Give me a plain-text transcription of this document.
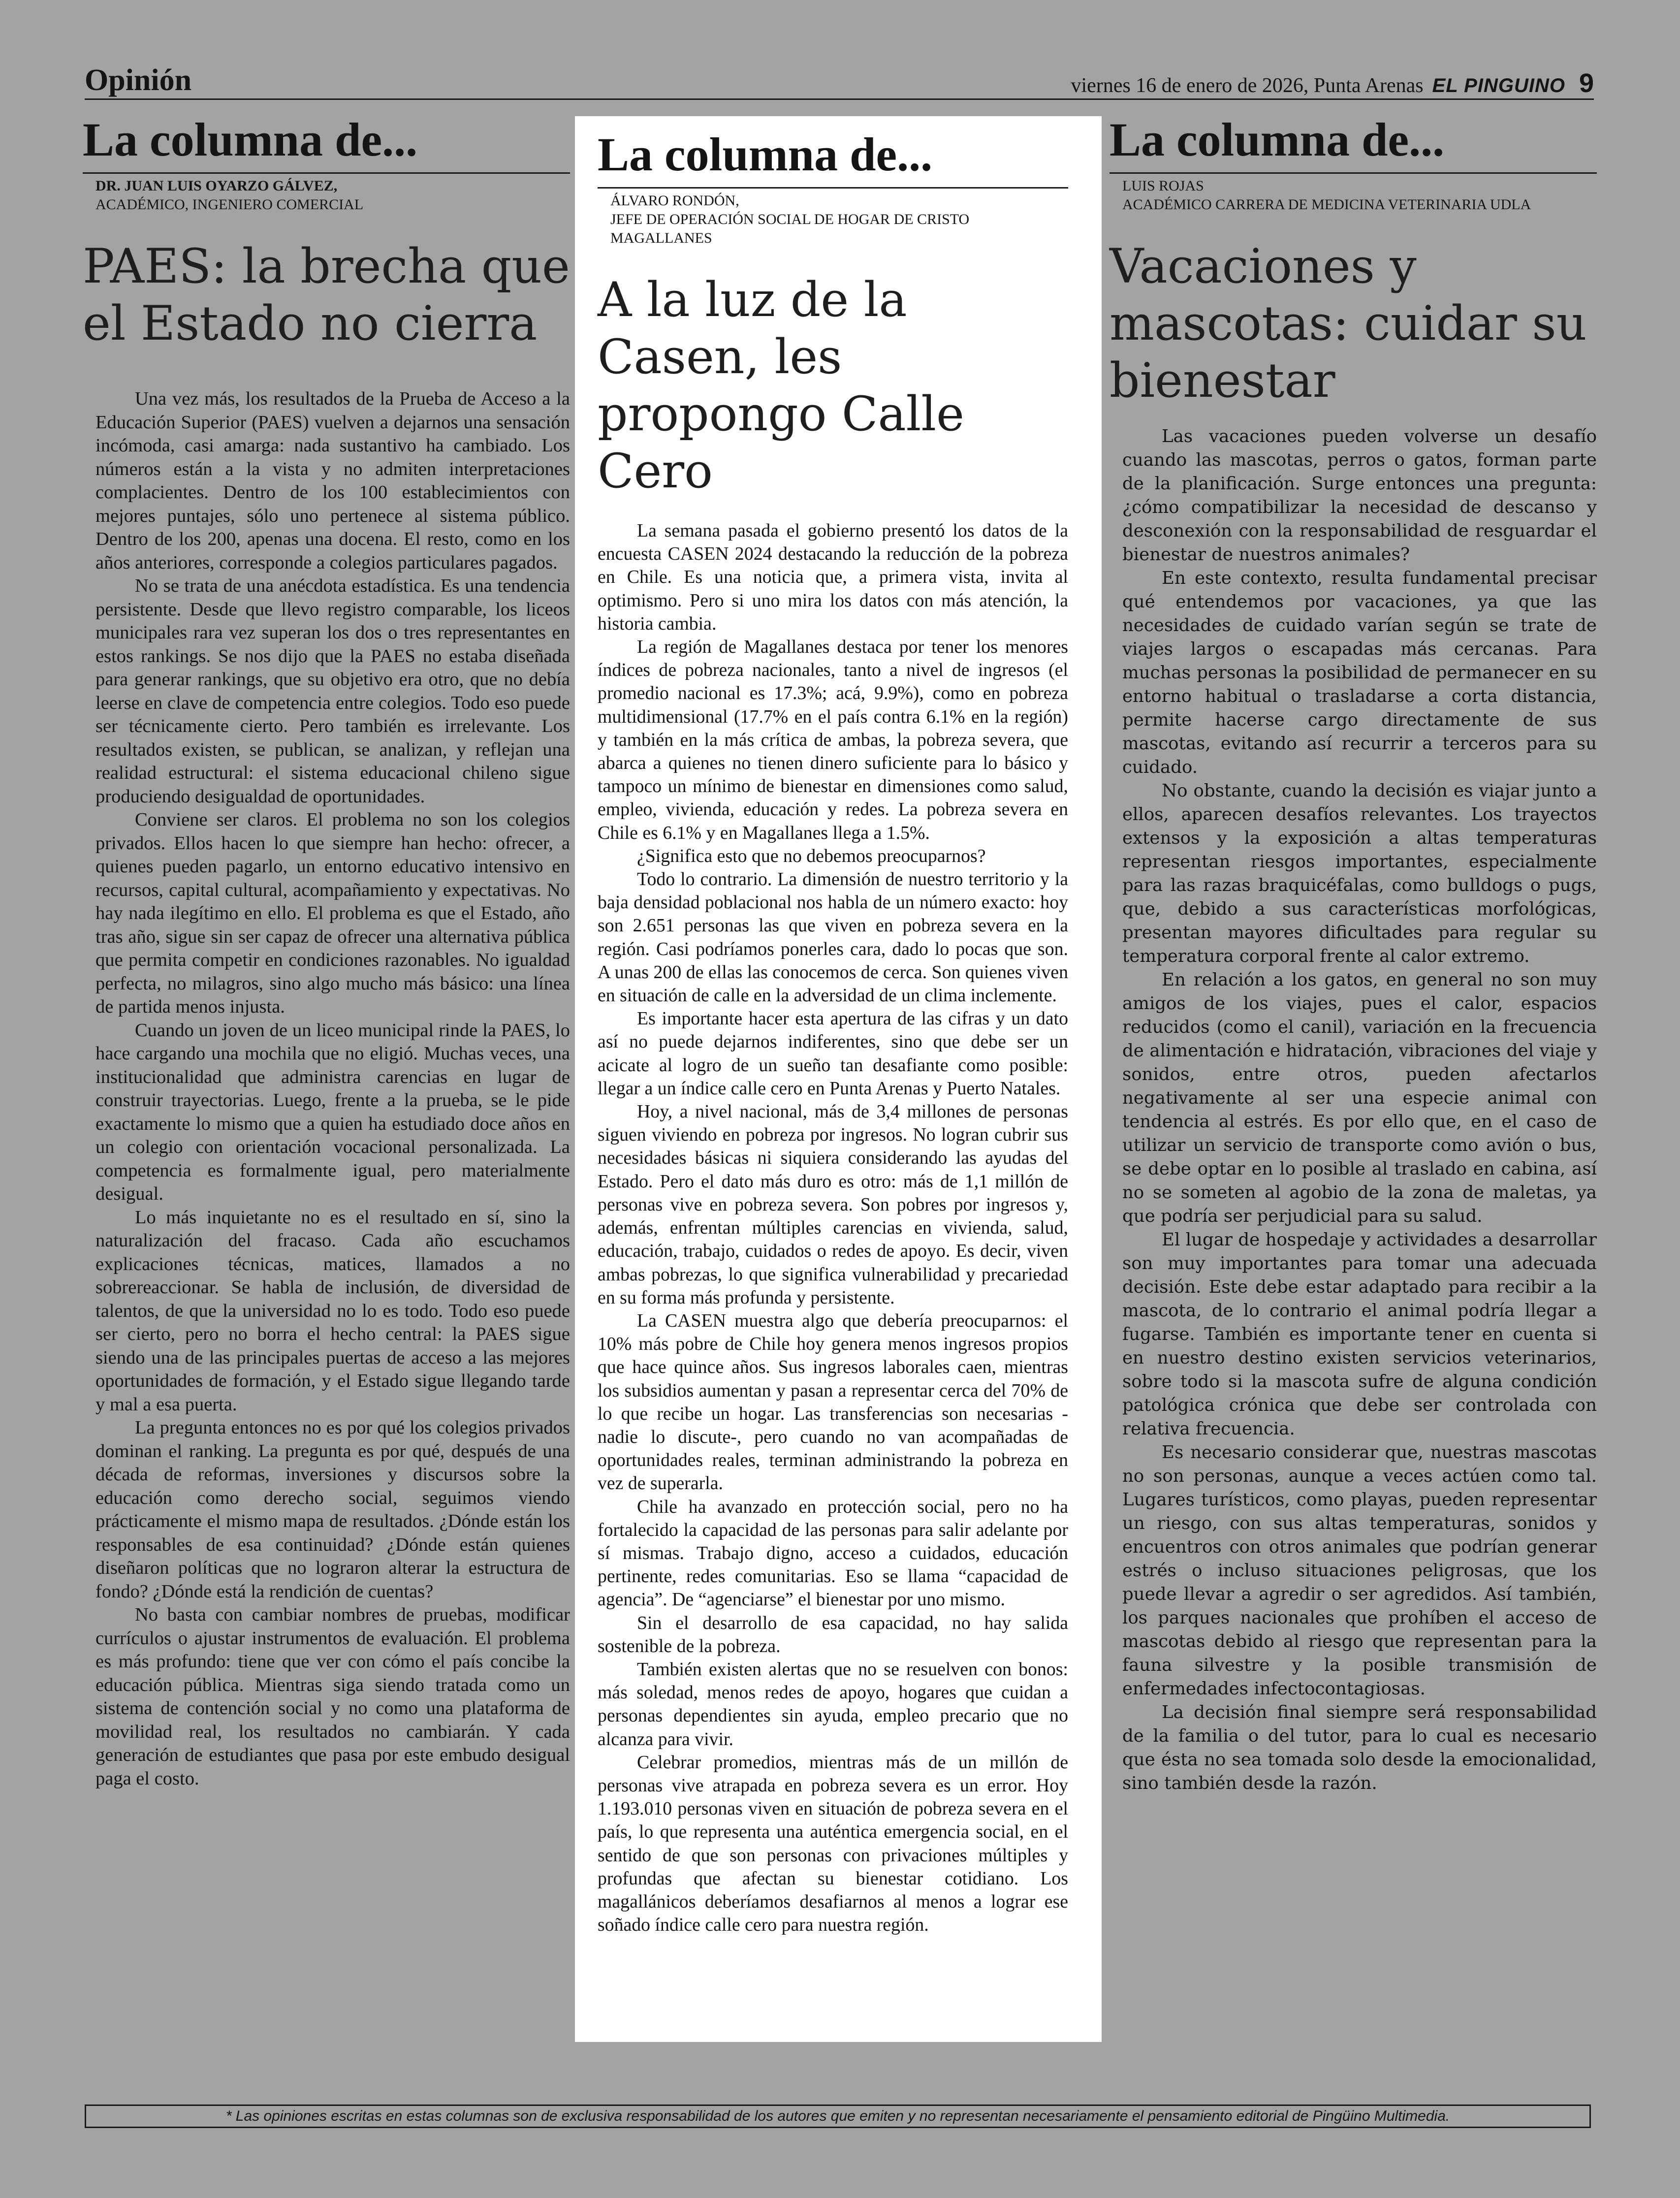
Opinión	viernes 16 de enero de 2026, Punta Arenas EL PINGUINO 9
La columna de...
DR. JUAN LUIS OYARZO GÁLVEZ,
ACADÉMICO, INGENIERO COMERCIAL
PAES: la brecha que el Estado no cierra

Una vez más, los resultados de la Prueba de Acceso a la Educación Superior (PAES) vuelven a dejarnos una sensación incómoda, casi amarga: nada sustantivo ha cambiado. Los números están a la vista y no admiten interpretaciones complacientes. Dentro de los 100 establecimientos con mejores puntajes, sólo uno pertenece al sistema público. Dentro de los 200, apenas una docena. El resto, como en los años anteriores, corresponde a colegios particulares pagados.

No se trata de una anécdota estadística. Es una tendencia persistente. Desde que llevo registro comparable, los liceos municipales rara vez superan los dos o tres representantes en estos rankings. Se nos dijo que la PAES no estaba diseñada para generar rankings, que su objetivo era otro, que no debía leerse en clave de competencia entre colegios. Todo eso puede ser técnicamente cierto. Pero también es irrelevante. Los resultados existen, se publican, se analizan, y reflejan una realidad estructural: el sistema educacional chileno sigue produciendo desigualdad de oportunidades.

Conviene ser claros. El problema no son los colegios privados. Ellos hacen lo que siempre han hecho: ofrecer, a quienes pueden pagarlo, un entorno educativo intensivo en recursos, capital cultural, acompañamiento y expectativas. No hay nada ilegítimo en ello. El problema es que el Estado, año tras año, sigue sin ser capaz de ofrecer una alternativa pública que permita competir en condiciones razonables. No igualdad perfecta, no milagros, sino algo mucho más básico: una línea de partida menos injusta.

Cuando un joven de un liceo municipal rinde la PAES, lo hace cargando una mochila que no eligió. Muchas veces, una institucionalidad que administra carencias en lugar de construir trayectorias. Luego, frente a la prueba, se le pide exactamente lo mismo que a quien ha estudiado doce años en un colegio con orientación vocacional personalizada. La competencia es formalmente igual, pero materialmente desigual.

Lo más inquietante no es el resultado en sí, sino la naturalización del fracaso. Cada año escuchamos explicaciones técnicas, matices, llamados a no sobrereaccionar. Se habla de inclusión, de diversidad de talentos, de que la universidad no lo es todo. Todo eso puede ser cierto, pero no borra el hecho central: la PAES sigue siendo una de las principales puertas de acceso a las mejores oportunidades de formación, y el Estado sigue llegando tarde y mal a esa puerta.

La pregunta entonces no es por qué los colegios privados dominan el ranking. La pregunta es por qué, después de una década de reformas, inversiones y discursos sobre la educación como derecho social, seguimos viendo prácticamente el mismo mapa de resultados. ¿Dónde están los responsables de esa continuidad? ¿Dónde están quienes diseñaron políticas que no lograron alterar la estructura de fondo? ¿Dónde está la rendición de cuentas?

No basta con cambiar nombres de pruebas, modificar currículos o ajustar instrumentos de evaluación. El problema es más profundo: tiene que ver con cómo el país concibe la educación pública. Mientras siga siendo tratada como un sistema de contención social y no como una plataforma de movilidad real, los resultados no cambiarán. Y cada generación de estudiantes que pasa por este embudo desigual paga el costo.

La columna de...
ÁLVARO RONDÓN,
JEFE DE OPERACIÓN SOCIAL DE HOGAR DE CRISTO MAGALLANES
A la luz de la Casen, les propongo Calle Cero

La semana pasada el gobierno presentó los datos de la encuesta CASEN 2024 destacando la reducción de la pobreza en Chile. Es una noticia que, a primera vista, invita al optimismo. Pero si uno mira los datos con más atención, la historia cambia.

La región de Magallanes destaca por tener los menores índices de pobreza nacionales, tanto a nivel de ingresos (el promedio nacional es 17.3%; acá, 9.9%), como en pobreza multidimensional (17.7% en el país contra 6.1% en la región) y también en la más crítica de ambas, la pobreza severa, que abarca a quienes no tienen dinero suficiente para lo básico y tampoco un mínimo de bienestar en dimensiones como salud, empleo, vivienda, educación y redes. La pobreza severa en Chile es 6.1% y en Magallanes llega a 1.5%.

¿Significa esto que no debemos preocuparnos?

Todo lo contrario. La dimensión de nuestro territorio y la baja densidad poblacional nos habla de un número exacto: hoy son 2.651 personas las que viven en pobreza severa en la región. Casi podríamos ponerles cara, dado lo pocas que son. A unas 200 de ellas las conocemos de cerca. Son quienes viven en situación de calle en la adversidad de un clima inclemente.

Es importante hacer esta apertura de las cifras y un dato así no puede dejarnos indiferentes, sino que debe ser un acicate al logro de un sueño tan desafiante como posible: llegar a un índice calle cero en Punta Arenas y Puerto Natales.

Hoy, a nivel nacional, más de 3,4 millones de personas siguen viviendo en pobreza por ingresos. No logran cubrir sus necesidades básicas ni siquiera considerando las ayudas del Estado. Pero el dato más duro es otro: más de 1,1 millón de personas vive en pobreza severa. Son pobres por ingresos y, además, enfrentan múltiples carencias en vivienda, salud, educación, trabajo, cuidados o redes de apoyo. Es decir, viven ambas pobrezas, lo que significa vulnerabilidad y precariedad en su forma más profunda y persistente.

La CASEN muestra algo que debería preocuparnos: el 10% más pobre de Chile hoy genera menos ingresos propios que hace quince años. Sus ingresos laborales caen, mientras los subsidios aumentan y pasan a representar cerca del 70% de lo que recibe un hogar. Las transferencias son necesarias -nadie lo discute-, pero cuando no van acompañadas de oportunidades reales, terminan administrando la pobreza en vez de superarla.

Chile ha avanzado en protección social, pero no ha fortalecido la capacidad de las personas para salir adelante por sí mismas. Trabajo digno, acceso a cuidados, educación pertinente, redes comunitarias. Eso se llama “capacidad de agencia”. De “agenciarse” el bienestar por uno mismo.

Sin el desarrollo de esa capacidad, no hay salida sostenible de la pobreza.

También existen alertas que no se resuelven con bonos: más soledad, menos redes de apoyo, hogares que cuidan a personas dependientes sin ayuda, empleo precario que no alcanza para vivir.

Celebrar promedios, mientras más de un millón de personas vive atrapada en pobreza severa es un error. Hoy 1.193.010 personas viven en situación de pobreza severa en el país, lo que representa una auténtica emergencia social, en el sentido de que son personas con privaciones múltiples y profundas que afectan su bienestar cotidiano. Los magallánicos deberíamos desafiarnos al menos a lograr ese soñado índice calle cero para nuestra región.

La columna de...
LUIS ROJAS
ACADÉMICO CARRERA DE MEDICINA VETERINARIA UDLA
Vacaciones y mascotas: cuidar su bienestar

Las vacaciones pueden volverse un desafío cuando las mascotas, perros o gatos, forman parte de la planificación. Surge entonces una pregunta: ¿cómo compatibilizar la necesidad de descanso y desconexión con la responsabilidad de resguardar el bienestar de nuestros animales?

En este contexto, resulta fundamental precisar qué entendemos por vacaciones, ya que las necesidades de cuidado varían según se trate de viajes largos o escapadas más cercanas. Para muchas personas la posibilidad de permanecer en su entorno habitual o trasladarse a corta distancia, permite hacerse cargo directamente de sus mascotas, evitando así recurrir a terceros para su cuidado.

No obstante, cuando la decisión es viajar junto a ellos, aparecen desafíos relevantes. Los trayectos extensos y la exposición a altas temperaturas representan riesgos importantes, especialmente para las razas braquicéfalas, como bulldogs o pugs, que, debido a sus características morfológicas, presentan mayores dificultades para regular su temperatura corporal frente al calor extremo.

En relación a los gatos, en general no son muy amigos de los viajes, pues el calor, espacios reducidos (como el canil), variación en la frecuencia de alimentación e hidratación, vibraciones del viaje y sonidos, entre otros, pueden afectarlos negativamente al ser una especie animal con tendencia al estrés. Es por ello que, en el caso de utilizar un servicio de transporte como avión o bus, se debe optar en lo posible al traslado en cabina, así no se someten al agobio de la zona de maletas, ya que podría ser perjudicial para su salud.

El lugar de hospedaje y actividades a desarrollar son muy importantes para tomar una adecuada decisión. Este debe estar adaptado para recibir a la mascota, de lo contrario el animal podría llegar a fugarse. También es importante tener en cuenta si en nuestro destino existen servicios veterinarios, sobre todo si la mascota sufre de alguna condición patológica crónica que debe ser controlada con relativa frecuencia.

Es necesario considerar que, nuestras mascotas no son personas, aunque a veces actúen como tal. Lugares turísticos, como playas, pueden representar un riesgo, con sus altas temperaturas, sonidos y encuentros con otros animales que podrían generar estrés o incluso situaciones peligrosas, que los puede llevar a agredir o ser agredidos. Así también, los parques nacionales que prohíben el acceso de mascotas debido al riesgo que representan para la fauna silvestre y la posible transmisión de enfermedades infectocontagiosas.

La decisión final siempre será responsabilidad de la familia o del tutor, para lo cual es necesario que ésta no sea tomada solo desde la emocionalidad, sino también desde la razón.

* Las opiniones escritas en estas columnas son de exclusiva responsabilidad de los autores que emiten y no representan necesariamente el pensamiento editorial de Pingüino Multimedia.
